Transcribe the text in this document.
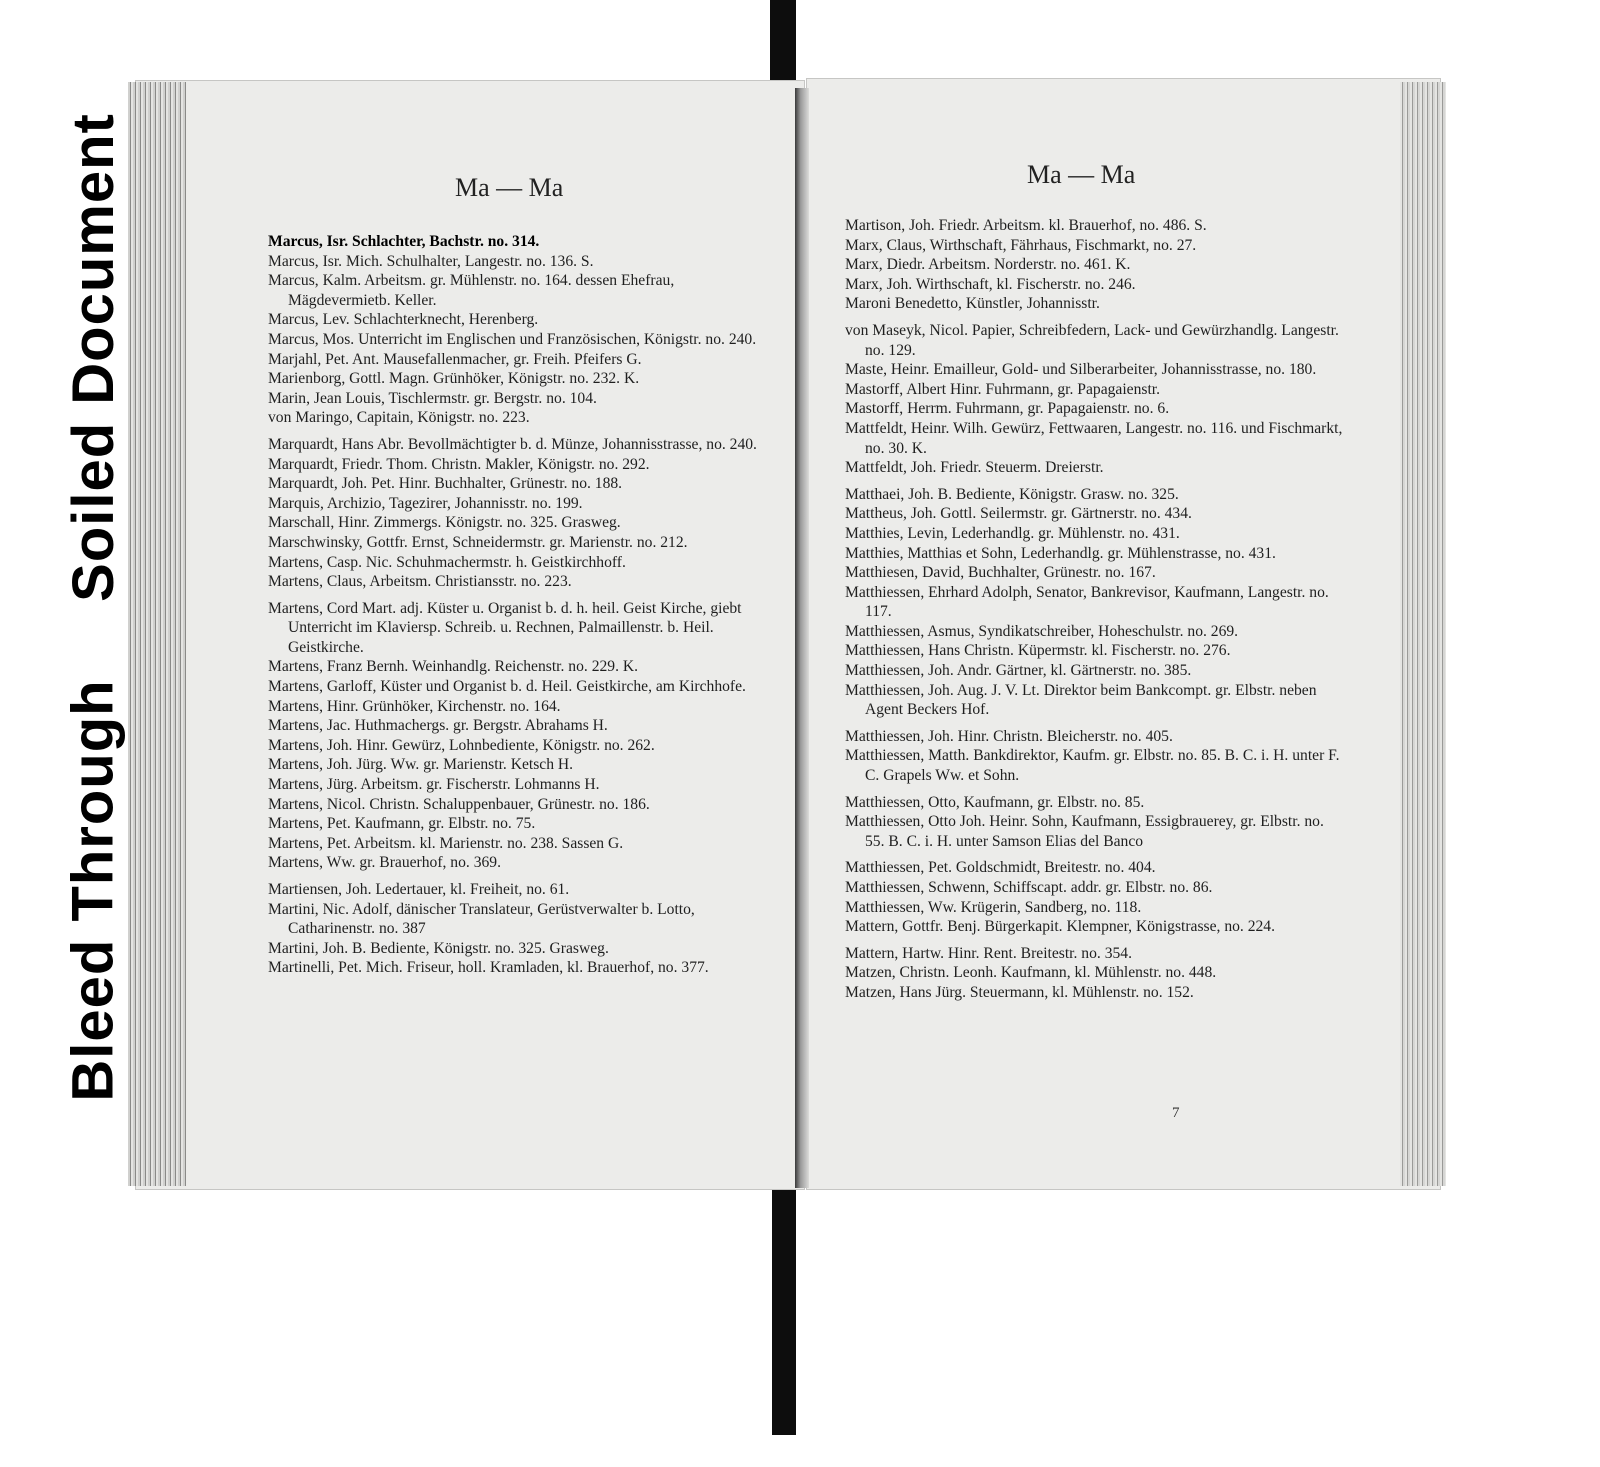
Soiled Document
Bleed Through
Ma — Ma	Ma — Ma

Marcus, Isr. Schlachter, Bachstr. no. 314.

Marcus, Isr. Mich. Schulhalter, Langestr. no. 136. S.

Marcus, Kalm. Arbeitsm. gr. Mühlenstr. no. 164. dessen Ehefrau, Mägdevermietb. Keller.

Marcus, Lev. Schlachterknecht, Herenberg.

Marcus, Mos. Unterricht im Englischen und Französischen, Königstr. no. 240.

Marjahl, Pet. Ant. Mausefallenmacher, gr. Freih. Pfeifers G.

Marienborg, Gottl. Magn. Grünhöker, Königstr. no. 232. K.

Marin, Jean Louis, Tischlermstr. gr. Bergstr. no. 104.

von Maringo, Capitain, Königstr. no. 223.

Marquardt, Hans Abr. Bevollmächtigter b. d. Münze, Johannisstrasse, no. 240.

Marquardt, Friedr. Thom. Christn. Makler, Königstr. no. 292.

Marquardt, Joh. Pet. Hinr. Buchhalter, Grünestr. no. 188.

Marquis, Archizio, Tagezirer, Johannisstr. no. 199.

Marschall, Hinr. Zimmergs. Königstr. no. 325. Grasweg.

Marschwinsky, Gottfr. Ernst, Schneidermstr. gr. Marienstr. no. 212.

Martens, Casp. Nic. Schuhmachermstr. h. Geistkirchhoff.

Martens, Claus, Arbeitsm. Christiansstr. no. 223.

Martens, Cord Mart. adj. Küster u. Organist b. d. h. heil. Geist Kirche, giebt Unterricht im Klaviersp. Schreib. u. Rechnen, Palmaillenstr. b. Heil. Geistkirche.

Martens, Franz Bernh. Weinhandlg. Reichenstr. no. 229. K.

Martens, Garloff, Küster und Organist b. d. Heil. Geistkirche, am Kirchhofe.

Martens, Hinr. Grünhöker, Kirchenstr. no. 164.

Martens, Jac. Huthmachergs. gr. Bergstr. Abrahams H.

Martens, Joh. Hinr. Gewürz, Lohnbediente, Königstr. no. 262.

Martens, Joh. Jürg. Ww. gr. Marienstr. Ketsch H.

Martens, Jürg. Arbeitsm. gr. Fischerstr. Lohmanns H.

Martens, Nicol. Christn. Schaluppenbauer, Grünestr. no. 186.

Martens, Pet. Kaufmann, gr. Elbstr. no. 75.

Martens, Pet. Arbeitsm. kl. Marienstr. no. 238. Sassen G.

Martens, Ww. gr. Brauerhof, no. 369.

Martiensen, Joh. Ledertauer, kl. Freiheit, no. 61.

Martini, Nic. Adolf, dänischer Translateur, Gerüstverwalter b. Lotto, Catharinenstr. no. 387

Martini, Joh. B. Bediente, Königstr. no. 325. Grasweg.

Martinelli, Pet. Mich. Friseur, holl. Kramladen, kl. Brauerhof, no. 377.

Martison, Joh. Friedr. Arbeitsm. kl. Brauerhof, no. 486. S.

Marx, Claus, Wirthschaft, Fährhaus, Fischmarkt, no. 27.

Marx, Diedr. Arbeitsm. Norderstr. no. 461. K.

Marx, Joh. Wirthschaft, kl. Fischerstr. no. 246.

Maroni Benedetto, Künstler, Johannisstr.

von Maseyk, Nicol. Papier, Schreibfedern, Lack- und Gewürzhandlg. Langestr. no. 129.

Maste, Heinr. Emailleur, Gold- und Silberarbeiter, Johannisstrasse, no. 180.

Mastorff, Albert Hinr. Fuhrmann, gr. Papagaienstr.

Mastorff, Herrm. Fuhrmann, gr. Papagaienstr. no. 6.

Mattfeldt, Heinr. Wilh. Gewürz, Fettwaaren, Langestr. no. 116. und Fischmarkt, no. 30. K.

Mattfeldt, Joh. Friedr. Steuerm. Dreierstr.

Matthaei, Joh. B. Bediente, Königstr. Grasw. no. 325.

Mattheus, Joh. Gottl. Seilermstr. gr. Gärtnerstr. no. 434.

Matthies, Levin, Lederhandlg. gr. Mühlenstr. no. 431.

Matthies, Matthias et Sohn, Lederhandlg. gr. Mühlenstrasse, no. 431.

Matthiesen, David, Buchhalter, Grünestr. no. 167.

Matthiessen, Ehrhard Adolph, Senator, Bankrevisor, Kaufmann, Langestr. no. 117.

Matthiessen, Asmus, Syndikatschreiber, Hoheschulstr. no. 269.

Matthiessen, Hans Christn. Küpermstr. kl. Fischerstr. no. 276.

Matthiessen, Joh. Andr. Gärtner, kl. Gärtnerstr. no. 385.

Matthiessen, Joh. Aug. J. V. Lt. Direktor beim Bankcompt. gr. Elbstr. neben Agent Beckers Hof.

Matthiessen, Joh. Hinr. Christn. Bleicherstr. no. 405.

Matthiessen, Matth. Bankdirektor, Kaufm. gr. Elbstr. no. 85. B. C. i. H. unter F. C. Grapels Ww. et Sohn.

Matthiessen, Otto, Kaufmann, gr. Elbstr. no. 85.

Matthiessen, Otto Joh. Heinr. Sohn, Kaufmann, Essigbrauerey, gr. Elbstr. no. 55. B. C. i. H. unter Samson Elias del Banco

Matthiessen, Pet. Goldschmidt, Breitestr. no. 404.

Matthiessen, Schwenn, Schiffscapt. addr. gr. Elbstr. no. 86.

Matthiessen, Ww. Krügerin, Sandberg, no. 118.

Mattern, Gottfr. Benj. Bürgerkapit. Klempner, Königstrasse, no. 224.

Mattern, Hartw. Hinr. Rent. Breitestr. no. 354.

Matzen, Christn. Leonh. Kaufmann, kl. Mühlenstr. no. 448.

Matzen, Hans Jürg. Steuermann, kl. Mühlenstr. no. 152.

7
